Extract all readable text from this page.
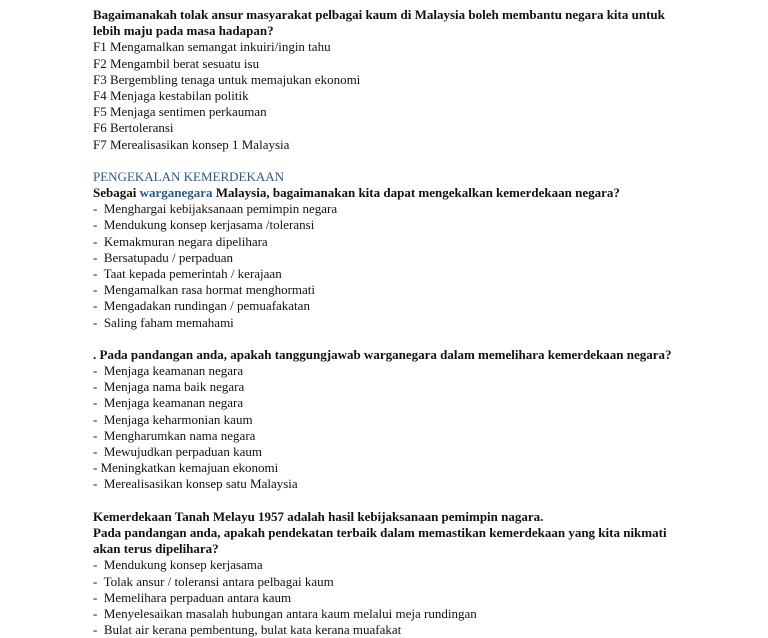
Bagaimanakah tolak ansur masyarakat pelbagai kaum di Malaysia boleh membantu negara kita untuk lebih maju pada masa hadapan?
F1 Mengamalkan semangat inkuiri/ingin tahu
F2 Mengambil berat sesuatu isu
F3 Bergembling tenaga untuk memajukan ekonomi
F4 Menjaga kestabilan politik
F5 Menjaga sentimen perkauman
F6 Bertoleransi
F7 Merealisasikan konsep 1 Malaysia
PENGEKALAN KEMERDEKAAN
Sebagai warganegara Malaysia, bagaimanakan kita dapat mengekalkan kemerdekaan negara?
-  Menghargai kebijaksanaan pemimpin negara
-  Mendukung konsep kerjasama /toleransi
-  Kemakmuran negara dipelihara
-  Bersatupadu / perpaduan
-  Taat kepada pemerintah / kerajaan
-  Mengamalkan rasa hormat menghormati
-  Mengadakan rundingan / pemuafakatan
-  Saling faham memahami
. Pada pandangan anda, apakah tanggungjawab warganegara dalam memelihara kemerdekaan negara?
-  Menjaga keamanan negara
-  Menjaga nama baik negara
-  Menjaga keamanan negara
-  Menjaga keharmonian kaum
-  Mengharumkan nama negara
-  Mewujudkan perpaduan kaum
- Meningkatkan kemajuan ekonomi
-  Merealisasikan konsep satu Malaysia
Kemerdekaan Tanah Melayu 1957 adalah hasil kebijaksanaan pemimpin nagara.
Pada pandangan anda, apakah pendekatan terbaik dalam memastikan kemerdekaan yang kita nikmati akan terus dipelihara?
-  Mendukung konsep kerjasama
-  Tolak ansur / toleransi antara pelbagai kaum
-  Memelihara perpaduan antara kaum
-  Menyelesaikan masalah hubungan antara kaum melalui meja rundingan
-  Bulat air kerana pembentung, bulat kata kerana muafakat
